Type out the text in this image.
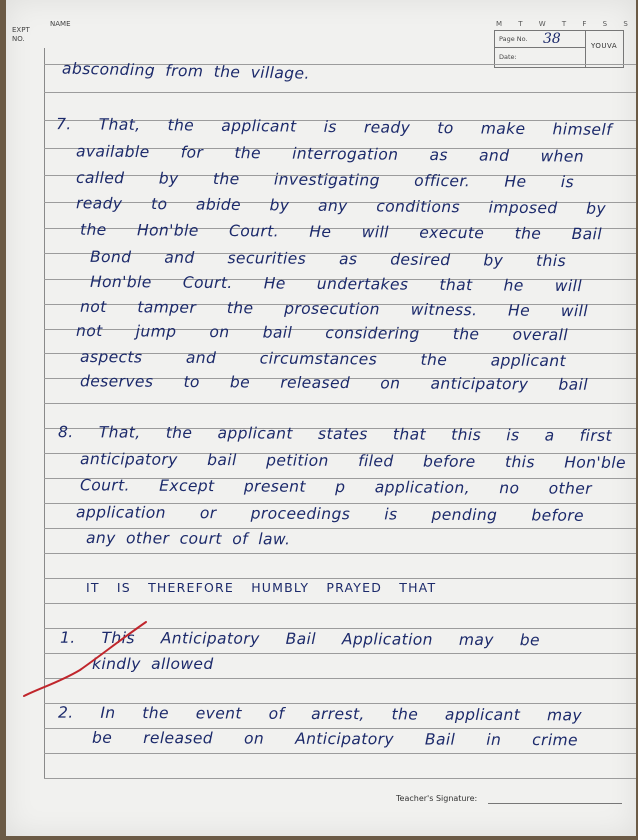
EXPT NO.
NAME	M T W T F S S
Page No. 38
Date:
YOUVA
absconding from the village.
7. That, the applicant is ready to make himself
available for the interrogation as and when
called by the investigating officer. He is
ready to abide by any conditions imposed by
the Hon'ble Court. He will execute the Bail
Bond and securities as desired by this
Hon'ble Court. He undertakes that he will
not tamper the prosecution witness. He will
not jump on bail considering the overall
aspects and circumstances the applicant
deserves to be released on anticipatory bail
8. That, the applicant states that this is a first
anticipatory bail petition filed before this Hon'ble
Court. Except present p application, no other
application or proceedings is pending before
any other court of law.
IT IS THEREFORE HUMBLY PRAYED THAT
1. This Anticipatory Bail Application may be
kindly allowed
2. In the event of arrest, the applicant may
be released on Anticipatory Bail in crime
Teacher's Signature:
